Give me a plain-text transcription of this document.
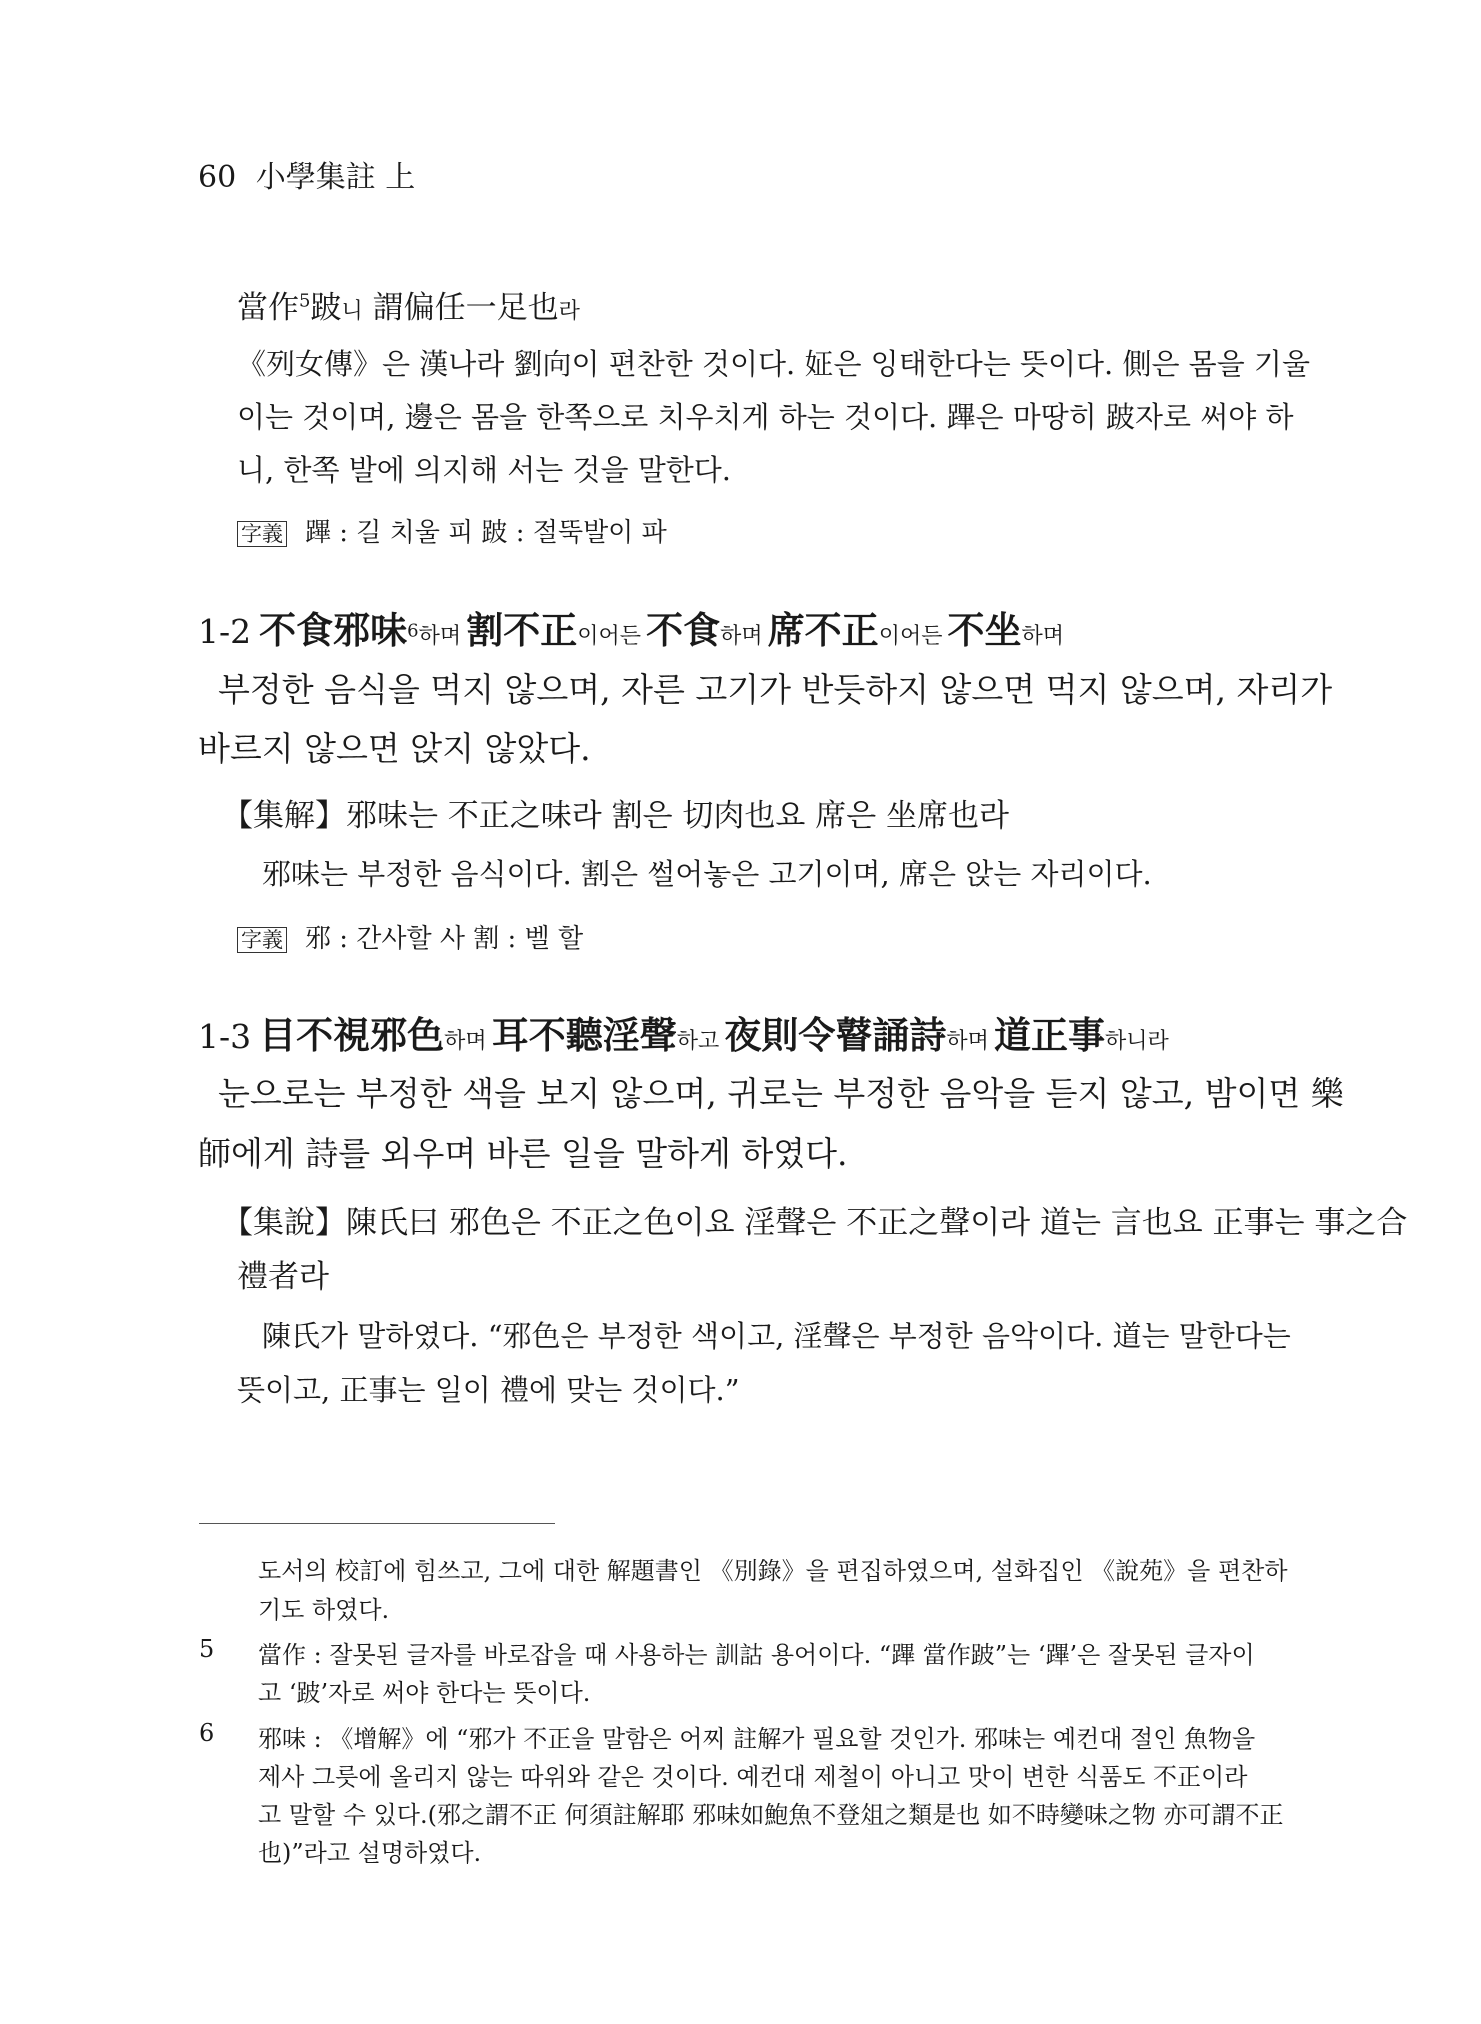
60 小學集註 上
當作$^5$跛니 謂偏任一足也라
《列女傳》은 漢나라 劉向이 편찬한 것이다. 姃은 잉태한다는 뜻이다. 側은 몸을 기울
이는 것이며, 邊은 몸을 한쪽으로 치우치게 하는 것이다. 蹕은 마땅히 跛자로 써야 하
니, 한쪽 발에 의지해 서는 것을 말한다.
字義 蹕 : 길 치울 피 跛 : 절뚝발이 파
1-2 不食邪味6하며 割不正이어든 不食하며 席不正이어든 不坐하며
부정한 음식을 먹지 않으며, 자른 고기가 반듯하지 않으면 먹지 않으며, 자리가
바르지 않으면 앉지 않았다.
【集解】邪味는 不正之味라 割은 切肉也요 席은 坐席也라
邪味는 부정한 음식이다. 割은 썰어놓은 고기이며, 席은 앉는 자리이다.
字義 邪 : 간사할 사 割 : 벨 할
1-3 目不視邪色하며 耳不聽淫聲하고 夜則令瞽誦詩하며 道正事하니라
눈으로는 부정한 색을 보지 않으며, 귀로는 부정한 음악을 듣지 않고, 밤이면 樂
師에게 詩를 외우며 바른 일을 말하게 하였다.
【集說】陳氏曰 邪色은 不正之色이요 淫聲은 不正之聲이라 道는 言也요 正事는 事之合
禮者라
陳氏가 말하였다. “邪色은 부정한 색이고, 淫聲은 부정한 음악이다. 道는 말한다는
뜻이고, 正事는 일이 禮에 맞는 것이다.”
도서의 校訂에 힘쓰고, 그에 대한 解題書인 《別錄》을 편집하였으며, 설화집인 《說苑》을 편찬하
기도 하였다.
5 當作 : 잘못된 글자를 바로잡을 때 사용하는 訓詁 용어이다. “蹕 當作跛”는 ‘蹕’은 잘못된 글자이
고 ‘跛’자로 써야 한다는 뜻이다.
6 邪味 : 《增解》에 “邪가 不正을 말함은 어찌 註解가 필요할 것인가. 邪味는 예컨대 절인 魚物을
제사 그릇에 올리지 않는 따위와 같은 것이다. 예컨대 제철이 아니고 맛이 변한 식품도 不正이라
고 말할 수 있다.(邪之謂不正 何須註解耶 邪味如鮑魚不登俎之類是也 如不時變味之物 亦可謂不正
也)”라고 설명하였다.
